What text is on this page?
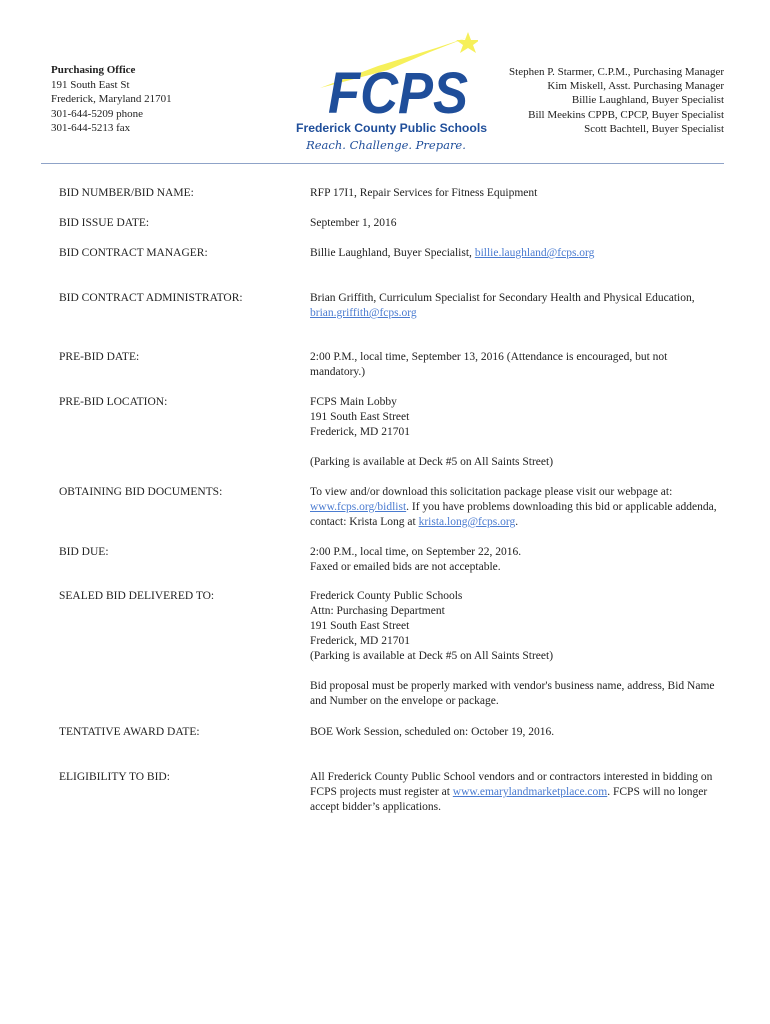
Purchasing Office
191 South East St
Frederick, Maryland 21701
301-644-5209 phone
301-644-5213 fax
FCPS
Frederick County Public Schools
Reach. Challenge. Prepare.
Stephen P. Starmer, C.P.M., Purchasing Manager
Kim Miskell, Asst. Purchasing Manager
Billie Laughland, Buyer Specialist
Bill Meekins CPPB, CPCP, Buyer Specialist
Scott Bachtell, Buyer Specialist
BID NUMBER/BID NAME:	RFP 17I1, Repair Services for Fitness Equipment
BID ISSUE DATE:	September 1, 2016
BID CONTRACT MANAGER:	Billie Laughland, Buyer Specialist, billie.laughland@fcps.org
BID CONTRACT ADMINISTRATOR:	Brian Griffith, Curriculum Specialist for Secondary Health and Physical Education, brian.griffith@fcps.org
PRE-BID DATE:	2:00 P.M., local time, September 13, 2016 (Attendance is encouraged, but not mandatory.)
PRE-BID LOCATION:	FCPS Main Lobby
191 South East Street
Frederick, MD 21701
(Parking is available at Deck #5 on All Saints Street)
OBTAINING BID DOCUMENTS:	To view and/or download this solicitation package please visit our webpage at: www.fcps.org/bidlist. If you have problems downloading this bid or applicable addenda, contact: Krista Long at krista.long@fcps.org.
BID DUE:	2:00 P.M., local time, on September 22, 2016.
Faxed or emailed bids are not acceptable.
SEALED BID DELIVERED TO:	Frederick County Public Schools
Attn: Purchasing Department
191 South East Street
Frederick, MD 21701
(Parking is available at Deck #5 on All Saints Street)
Bid proposal must be properly marked with vendor's business name, address, Bid Name and Number on the envelope or package.
TENTATIVE AWARD DATE:	BOE Work Session, scheduled on: October 19, 2016.
ELIGIBILITY TO BID:	All Frederick County Public School vendors and or contractors interested in bidding on FCPS projects must register at www.emarylandmarketplace.com. FCPS will no longer accept bidder’s applications.
